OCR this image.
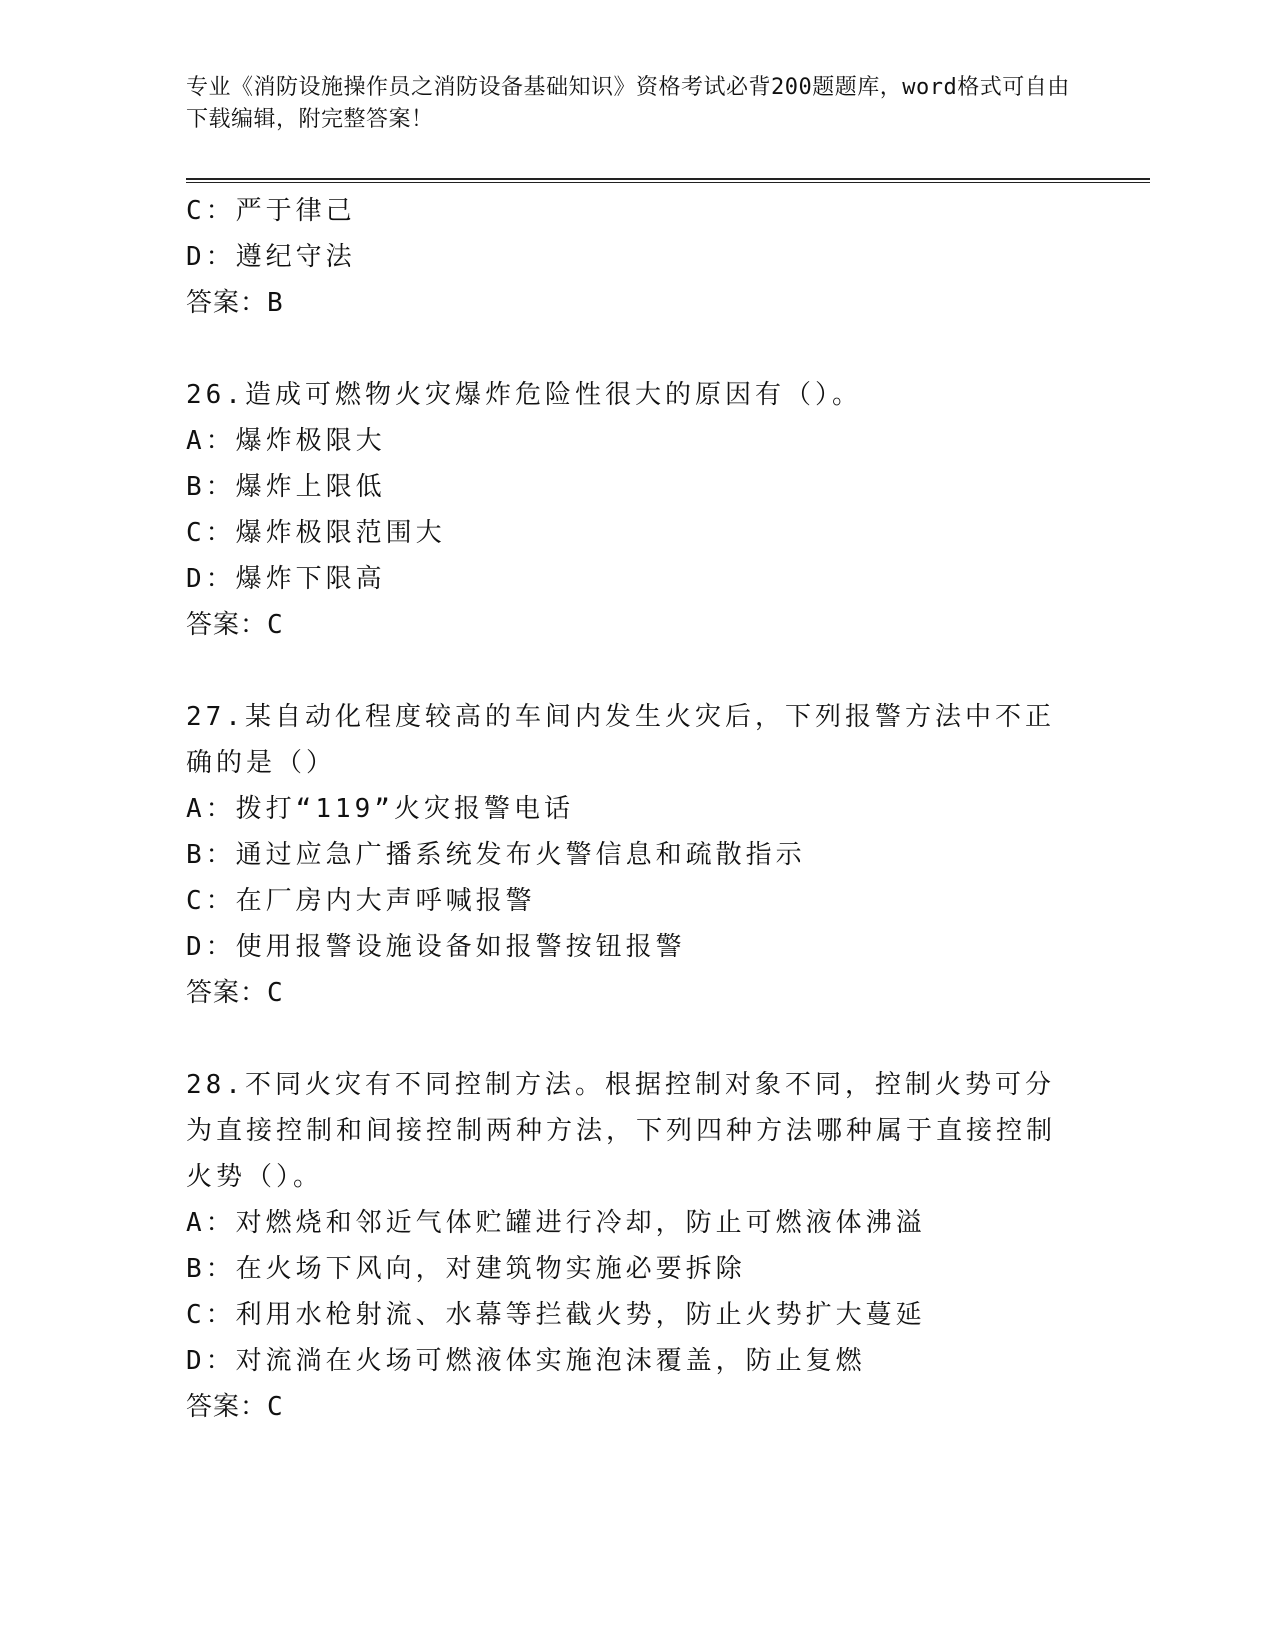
专业《消防设施操作员之消防设备基础知识》资格考试必背200题题库，word格式可自由下载编辑，附完整答案！
C：严于律己
D：遵纪守法
答案：B
26.造成可燃物火灾爆炸危险性很大的原因有（）。
A：爆炸极限大
B：爆炸上限低
C：爆炸极限范围大
D：爆炸下限高
答案：C
27.某自动化程度较高的车间内发生火灾后，下列报警方法中不正确的是（）
A：拨打“119”火灾报警电话
B：通过应急广播系统发布火警信息和疏散指示
C：在厂房内大声呼喊报警
D：使用报警设施设备如报警按钮报警
答案：C
28.不同火灾有不同控制方法。根据控制对象不同，控制火势可分为直接控制和间接控制两种方法，下列四种方法哪种属于直接控制火势（）。
A：对燃烧和邻近气体贮罐进行冷却，防止可燃液体沸溢
B：在火场下风向，对建筑物实施必要拆除
C：利用水枪射流、水幕等拦截火势，防止火势扩大蔓延
D：对流淌在火场可燃液体实施泡沫覆盖，防止复燃
答案：C
